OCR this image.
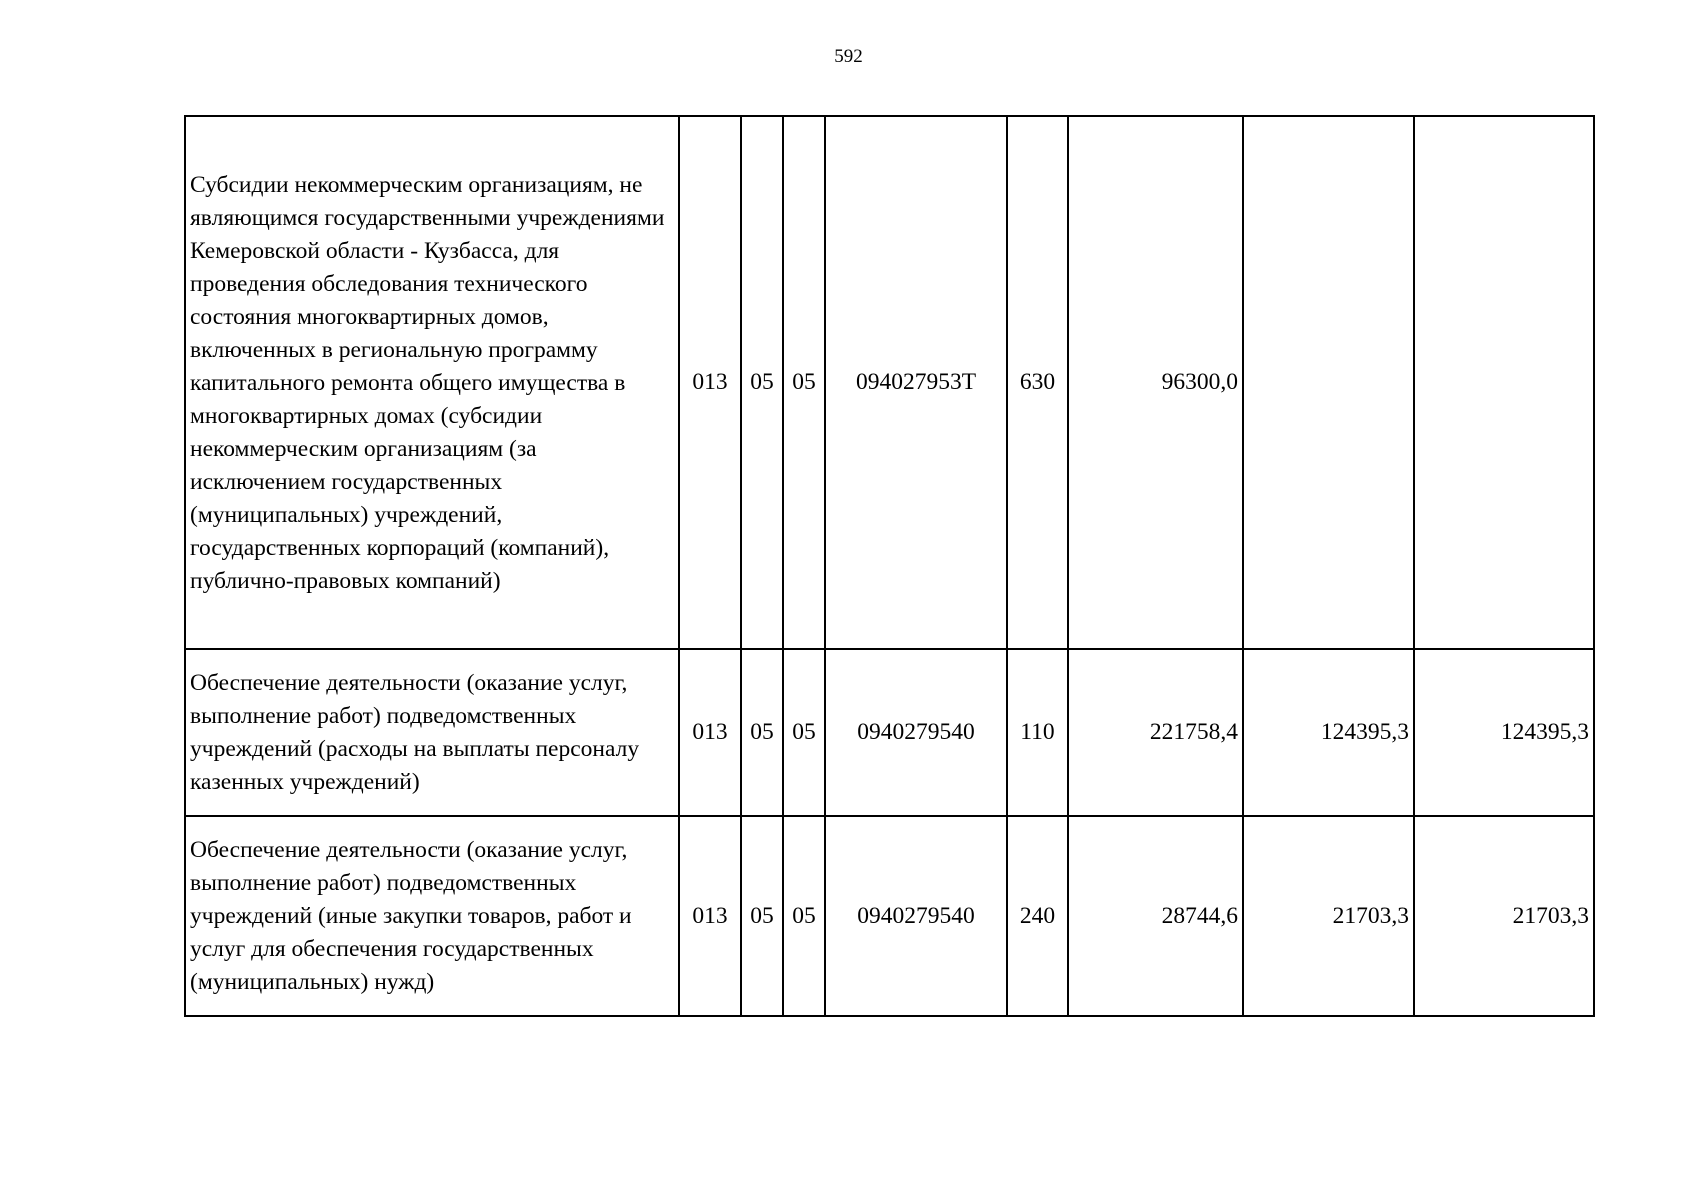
592
Субсидии некоммерческим организациям, не являющимся государственными учреждениями Кемеровской области - Кузбасса, для проведения обследования технического состояния многоквартирных домов, включенных в региональную программу капитального ремонта общего имущества в многоквартирных домах (субсидии некоммерческим организациям (за исключением государственных (муниципальных) учреждений, государственных корпораций (компаний), публично-правовых компаний)	013	05	05	094027953Т	630	96300,0		
Обеспечение деятельности (оказание услуг, выполнение работ) подведомственных учреждений (расходы на выплаты персоналу казенных учреждений)	013	05	05	0940279540	110	221758,4	124395,3	124395,3
Обеспечение деятельности (оказание услуг, выполнение работ) подведомственных учреждений (иные закупки товаров, работ и услуг для обеспечения государственных (муниципальных) нужд)	013	05	05	0940279540	240	28744,6	21703,3	21703,3
